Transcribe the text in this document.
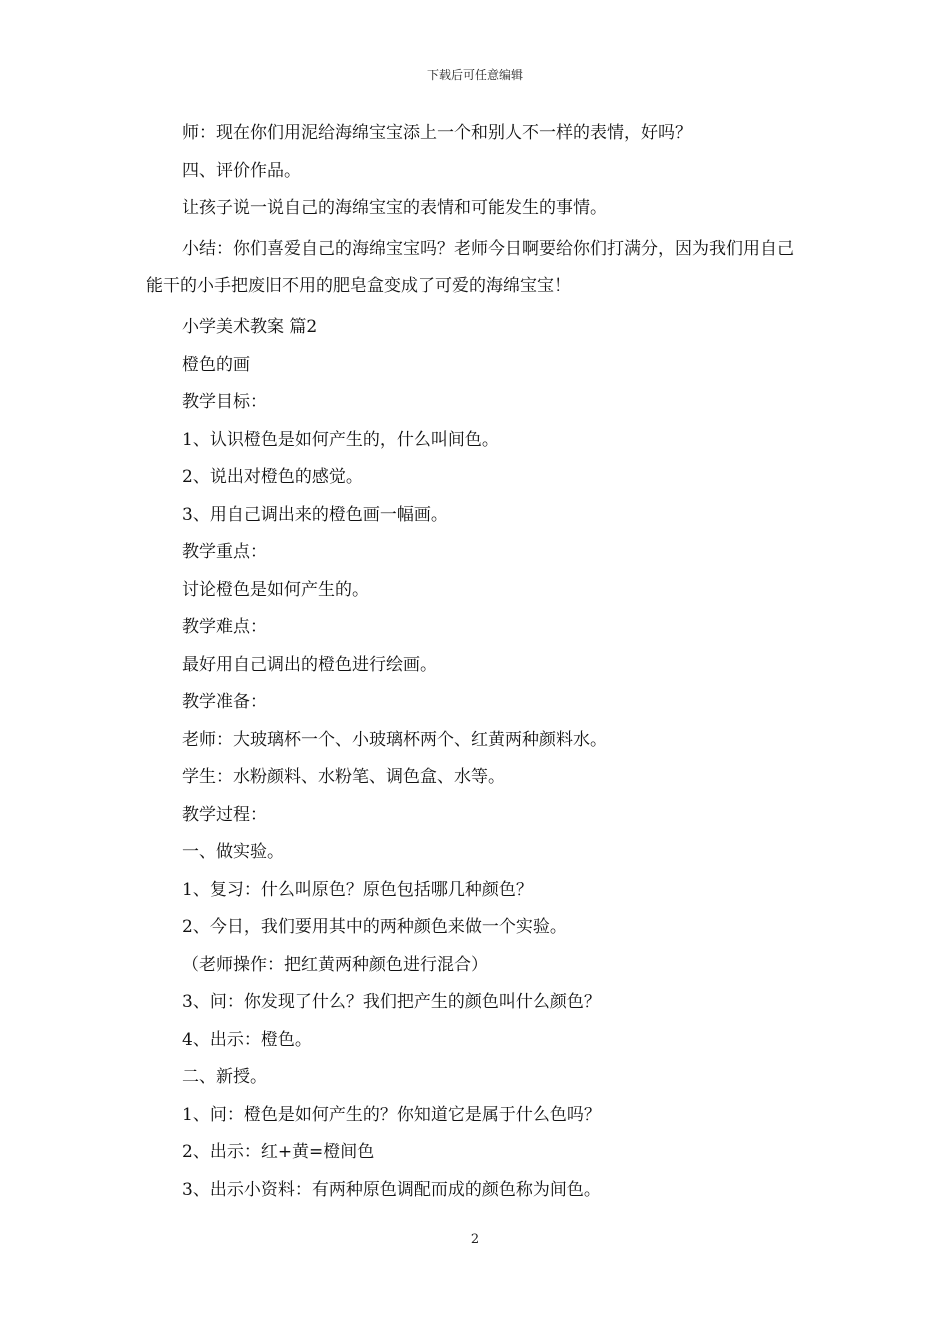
下载后可任意编辑

师：现在你们用泥给海绵宝宝添上一个和别人不一样的表情，好吗？

四、评价作品。

让孩子说一说自己的海绵宝宝的表情和可能发生的事情。

小结：你们喜爱自己的海绵宝宝吗？老师今日啊要给你们打满分，因为我们用自己能干的小手把废旧不用的肥皂盒变成了可爱的海绵宝宝！

小学美术教案 篇2

橙色的画

教学目标：

1、认识橙色是如何产生的，什么叫间色。

2、说出对橙色的感觉。

3、用自己调出来的橙色画一幅画。

教学重点：

讨论橙色是如何产生的。

教学难点：

最好用自己调出的橙色进行绘画。

教学准备：

老师：大玻璃杯一个、小玻璃杯两个、红黄两种颜料水。

学生：水粉颜料、水粉笔、调色盒、水等。

教学过程：

一、做实验。

1、复习：什么叫原色？原色包括哪几种颜色？

2、今日，我们要用其中的两种颜色来做一个实验。

（老师操作：把红黄两种颜色进行混合）

3、问：你发现了什么？我们把产生的颜色叫什么颜色？

4、出示：橙色。

二、新授。

1、问：橙色是如何产生的？你知道它是属于什么色吗？

2、出示：红+黄=橙间色

3、出示小资料：有两种原色调配而成的颜色称为间色。

2
